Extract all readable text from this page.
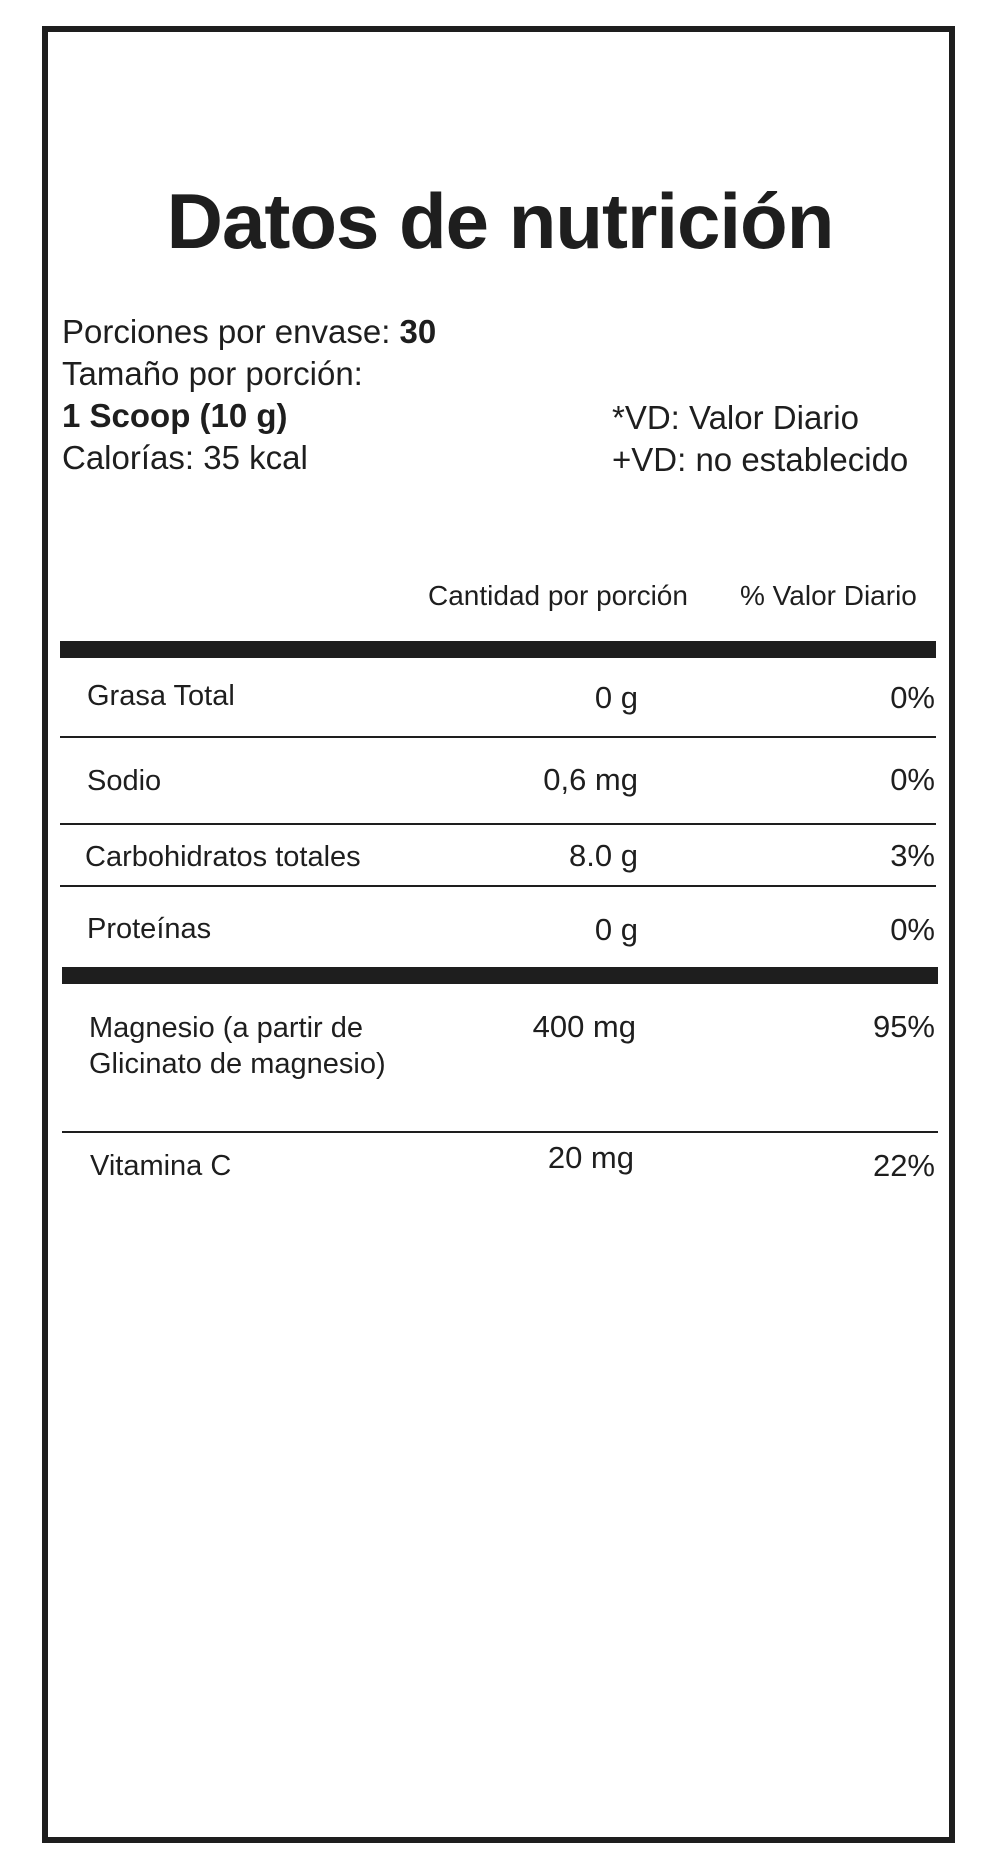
Datos de nutrición
Porciones por envase: 30
Tamaño por porción:
1 Scoop (10 g)
Calorías: 35 kcal
*VD: Valor Diario
+VD: no establecido
Cantidad por porción % Valor Diario
Grasa Total	0 g	0%
Sodio	0,6 mg	0%
Carbohidratos totales	8.0 g	3%
Proteínas	0 g	0%
Magnesio (a partir de
Glicinato de magnesio)
400 mg	95%
Vitamina C	20 mg	22%
